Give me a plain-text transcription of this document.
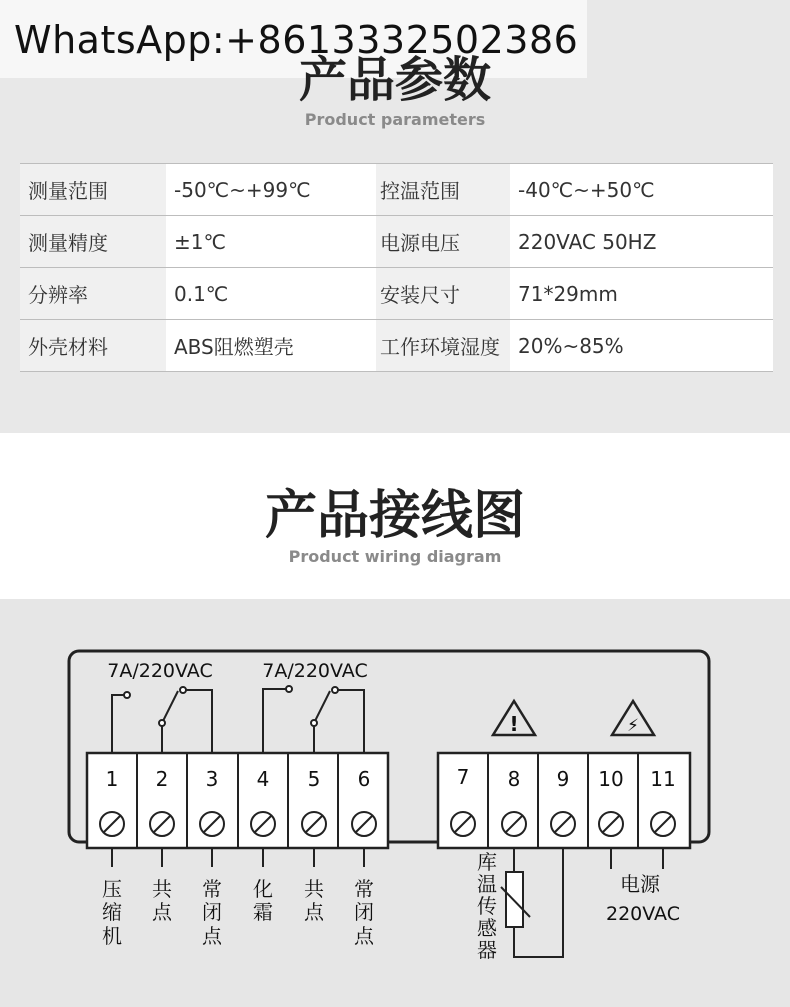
WhatsApp:+8613332502386
产品参数
Product parameters
测量范围	-50℃~+99℃	控温范围	-40℃~+50℃
测量精度	±1℃	电源电压	220VAC 50HZ
分辨率	0.1℃	安装尺寸	71*29mm
外壳材料	ABS阻燃塑壳	工作环境湿度	20%~85%
产品接线图
Product wiring diagram
7A/220VAC	7A/220VAC
!	⚡
1 2 3 4 5 6	7 8 9 10 11
压
缩
机
共
点
常
闭
点
化
霜
共
点
常
闭
点
库
温
传
感
器
电源
220VAC
